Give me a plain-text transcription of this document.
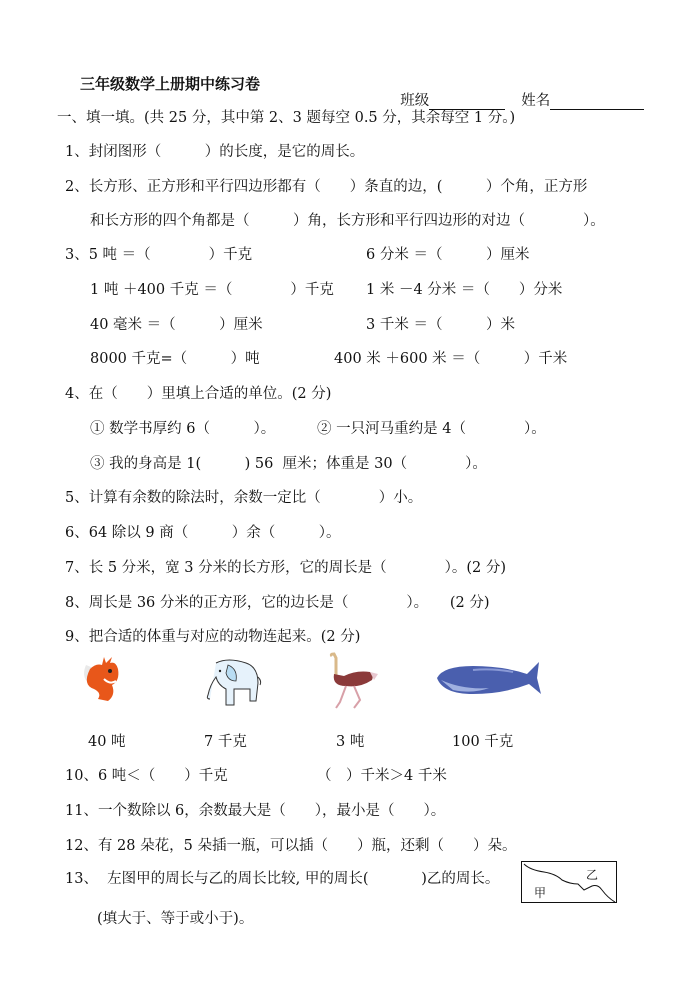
三年级数学上册期中练习卷

班级	姓名

一、填一填。(共 25 分，其中第 2、3 题每空 0.5 分，其余每空 1 分。)
1、封闭图形（　　　）的长度，是它的周长。
2、长方形、正方形和平行四边形都有（　　）条直的边，(　　　）个角，正方形
和长方形的四个角都是（　　　）角，长方形和平行四边形的对边（　　　　）。
3、5 吨 ＝（　　　　）千克	6 分米 ＝（　　　）厘米
1 吨 ＋400 千克 ＝（　　　　）千克 1 米 －4 分米 ＝（　　）分米
40 毫米 ＝（　　　）厘米	3 千米 ＝（　　　）米
8000 千克=（　　　）吨	400 米 ＋600 米 ＝（　　　）千米
4、在（　　）里填上合适的单位。(2 分)
① 数学书厚约 6（　　　）。	② 一只河马重约是 4（　　　　）。
③ 我的身高是 1(　　　) 56  厘米；体重是 30（　　　　）。
5、计算有余数的除法时，余数一定比（　　　　）小。
6、64 除以 9 商（　　　）余（　　　）。
7、长 5 分米，宽 3 分米的长方形，它的周长是（　　　　）。(2 分)
8、周长是 36 分米的正方形，它的边长是（　　　　）。　　(2 分)
9、把合适的体重与对应的动物连起来。(2 分)
40 吨	7 千克	3 吨	100 千克
10、6 吨＜（　　）千克	（　）千米＞4 千米
11、一个数除以 6，余数最大是（　　），最小是（　　）。
12、有 28 朵花，5 朵插一瓶，可以插（　　）瓶，还剩（　　）朵。
13、  左图甲的周长与乙的周长比较, 甲的周长(　　　  )乙的周长。
(填大于、等于或小于)。
甲
乙
